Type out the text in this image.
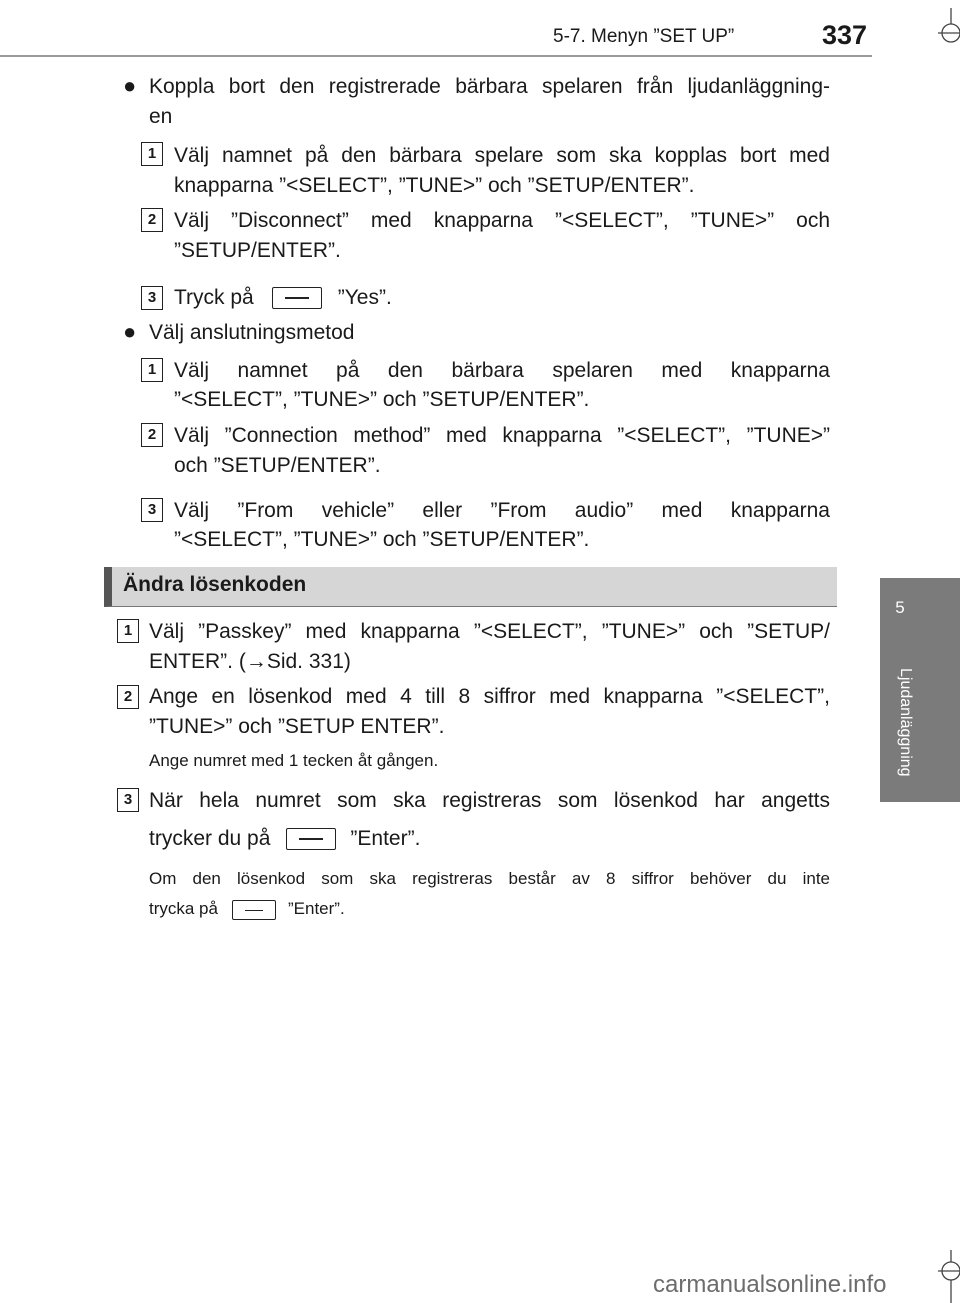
5-7. Menyn ”SET UP”	337
5
Ljudanläggning
● Koppla bort den registrerade bärbara spelaren från ljudanläggning-
en
1 Välj namnet på den bärbara spelare som ska kopplas bort med
knapparna ”<SELECT”, ”TUNE>” och ”SETUP/ENTER”.
2 Välj ”Disconnect” med knapparna ”<SELECT”, ”TUNE>” och
”SETUP/ENTER”.
3 Tryck på	”Yes”.
● Välj anslutningsmetod
1 Välj namnet på den bärbara spelaren med knapparna
”<SELECT”, ”TUNE>” och ”SETUP/ENTER”.
2 Välj ”Connection method” med knapparna ”<SELECT”, ”TUNE>”
och ”SETUP/ENTER”.
3 Välj ”From vehicle” eller ”From audio” med knapparna
”<SELECT”, ”TUNE>” och ”SETUP/ENTER”.
Ändra lösenkoden
1 Välj ”Passkey” med knapparna ”<SELECT”, ”TUNE>” och ”SETUP/
ENTER”. (→Sid. 331)
2 Ange en lösenkod med 4 till 8 siffror med knapparna ”<SELECT”,
”TUNE>” och ”SETUP ENTER”.
Ange numret med 1 tecken åt gången.
3 När hela numret som ska registreras som lösenkod har angetts
trycker du på	”Enter”.
Om den lösenkod som ska registreras består av 8 siffror behöver du inte
trycka på	”Enter”.
carmanualsonline.info
